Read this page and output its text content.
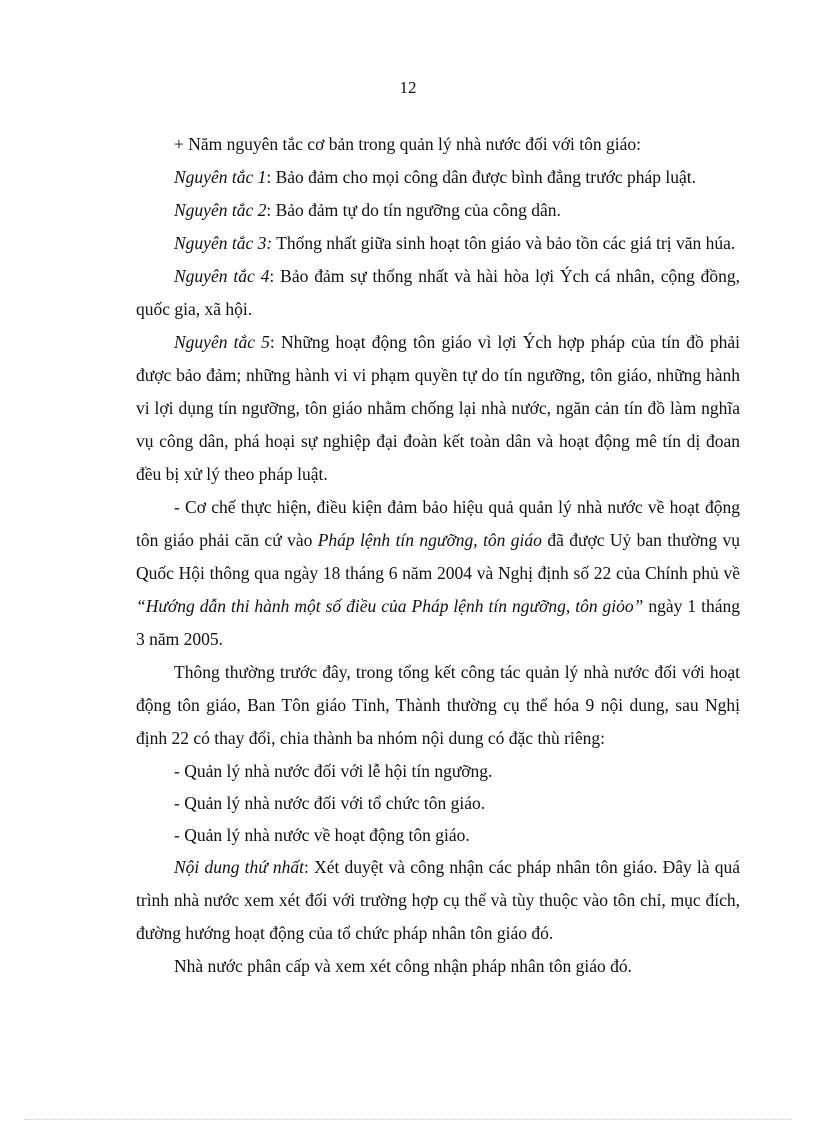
12

+ Năm nguyên tắc cơ bản trong quản lý nhà nước đối với tôn giáo:

Nguyên tắc 1: Bảo đảm cho mọi công dân được bình đẳng trước pháp luật.

Nguyên tắc 2: Bảo đảm tự do tín ngưỡng của công dân.

Nguyên tắc 3: Thống nhất giữa sinh hoạt tôn giáo và bảo tồn các giá trị văn húa.

Nguyên tắc 4: Bảo đảm sự thống nhất và hài hòa lợi Ých cá nhân, cộng đồng, quốc gia, xã hội.

Nguyên tắc 5: Những hoạt động tôn giáo vì lợi Ých hợp pháp của tín đồ phải được bảo đảm; những hành vi vi phạm quyền tự do tín ngưỡng, tôn giáo, những hành vi lợi dụng tín ngưỡng, tôn giáo nhằm chống lại nhà nước, ngăn cản tín đồ làm nghĩa vụ công dân, phá hoại sự nghiệp đại đoàn kết toàn dân và hoạt động mê tín dị đoan đều bị xử lý theo pháp luật.

- Cơ chế thực hiện, điều kiện đảm bảo hiệu quả quản lý nhà nước về hoạt động tôn giáo phải căn cứ vào Pháp lệnh tín ngưỡng, tôn giáo đã được Uỷ ban thường vụ Quốc Hội thông qua ngày 18 tháng 6 năm 2004 và Nghị định số 22 của Chính phủ về “Hướng dẫn thi hành một số điều của Pháp lệnh tín ngưỡng, tôn giỏo” ngày 1 tháng 3 năm 2005.

Thông thường trước đây, trong tổng kết công tác quản lý nhà nước đối với hoạt động tôn giáo, Ban Tôn giáo Tỉnh, Thành thường cụ thể hóa 9 nội dung, sau Nghị định 22 có thay đổi, chia thành ba nhóm nội dung có đặc thù riêng:

- Quản lý nhà nước đối với lễ hội tín ngưỡng.

- Quản lý nhà nước đối với tổ chức tôn giáo.

- Quản lý nhà nước về hoạt động tôn giáo.

Nội dung thứ nhất: Xét duyệt và công nhận các pháp nhân tôn giáo. Đây là quá trình nhà nước xem xét đối với trường hợp cụ thể và tùy thuộc vào tôn chỉ, mục đích, đường hướng hoạt động của tổ chức pháp nhân tôn giáo đó.

Nhà nước phân cấp và xem xét công nhận pháp nhân tôn giáo đó.
